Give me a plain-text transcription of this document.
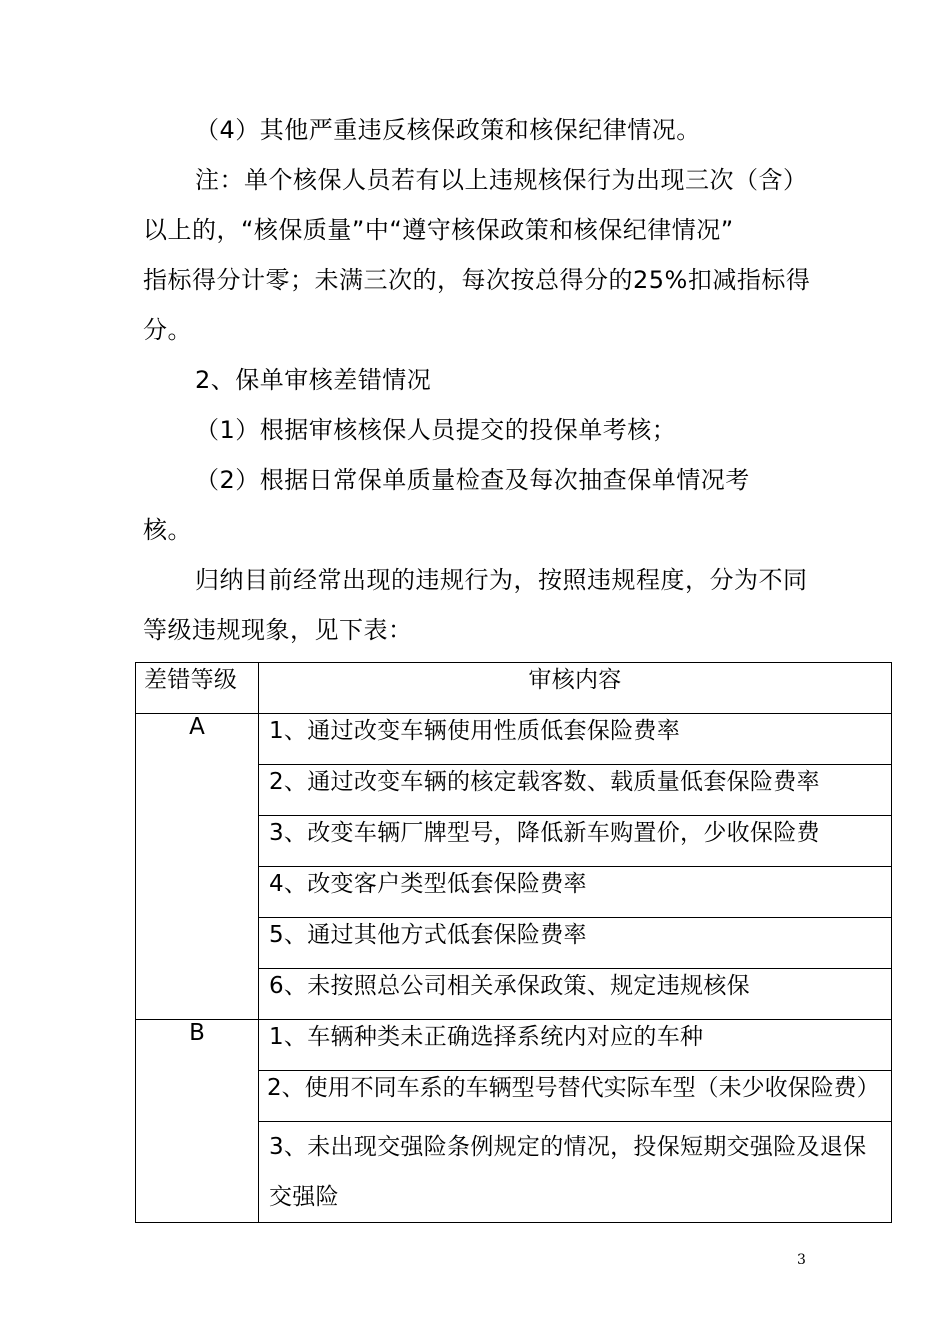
（4）其他严重违反核保政策和核保纪律情况。
注：单个核保人员若有以上违规核保行为出现三次（含）
以上的，“核保质量”中“遵守核保政策和核保纪律情况”
指标得分计零；未满三次的，每次按总得分的25%扣减指标得
分。
2、保单审核差错情况
（1）根据审核核保人员提交的投保单考核；
（2）根据日常保单质量检查及每次抽查保单情况考
核。
归纳目前经常出现的违规行为，按照违规程度，分为不同
等级违规现象，见下表：
差错等级	审核内容

A	1、通过改变车辆使用性质低套保险费率

	2、通过改变车辆的核定载客数、载质量低套保险费率

	3、改变车辆厂牌型号，降低新车购置价，少收保险费

	4、改变客户类型低套保险费率

	5、通过其他方式低套保险费率

	6、未按照总公司相关承保政策、规定违规核保

B	1、车辆种类未正确选择系统内对应的车种

	2、使用不同车系的车辆型号替代实际车型（未少收保险费）

	3、未出现交强险条例规定的情况，投保短期交强险及退保交强险
3
